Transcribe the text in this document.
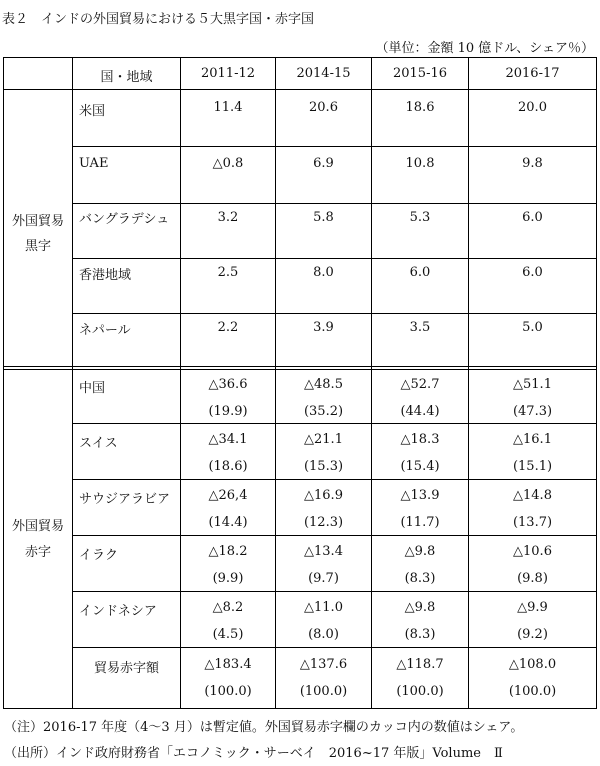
表２　インドの外国貿易における５大黒字国・赤字国
（単位：金額 10 億ドル、シェア％）
国・地域	2011-12	2014-15	2015-16	2016-17
外国貿易
黒字
米国	11.4	20.6	18.6	20.0
UAE	△0.8	6.9	10.8	9.8
バングラデシュ	3.2	5.8	5.3	6.0
香港地域	2.5	8.0	6.0	6.0
ネパール	2.2	3.9	3.5	5.0
外国貿易
赤字
中国	△36.6	△48.5	△52.7	△51.1
(19.9)	(35.2)	(44.4)	(47.3)
スイス	△34.1	△21.1	△18.3	△16.1
(18.6)	(15.3)	(15.4)	(15.1)
サウジアラビア	△26,4	△16.9	△13.9	△14.8
(14.4)	(12.3)	(11.7)	(13.7)
イラク	△18.2	△13.4	△9.8	△10.6
(9.9)	(9.7)	(8.3)	(9.8)
インドネシア	△8.2	△11.0	△9.8	△9.9
(4.5)	(8.0)	(8.3)	(9.2)
貿易赤字額	△183.4	△137.6	△118.7	△108.0
(100.0)	(100.0)	(100.0)	(100.0)
（注）2016-17 年度（4～3 月）は暫定値。外国貿易赤字欄のカッコ内の数値はシェア。
（出所）インド政府財務省「エコノミック・サーベイ　2016~17 年版」Volume　Ⅱ
